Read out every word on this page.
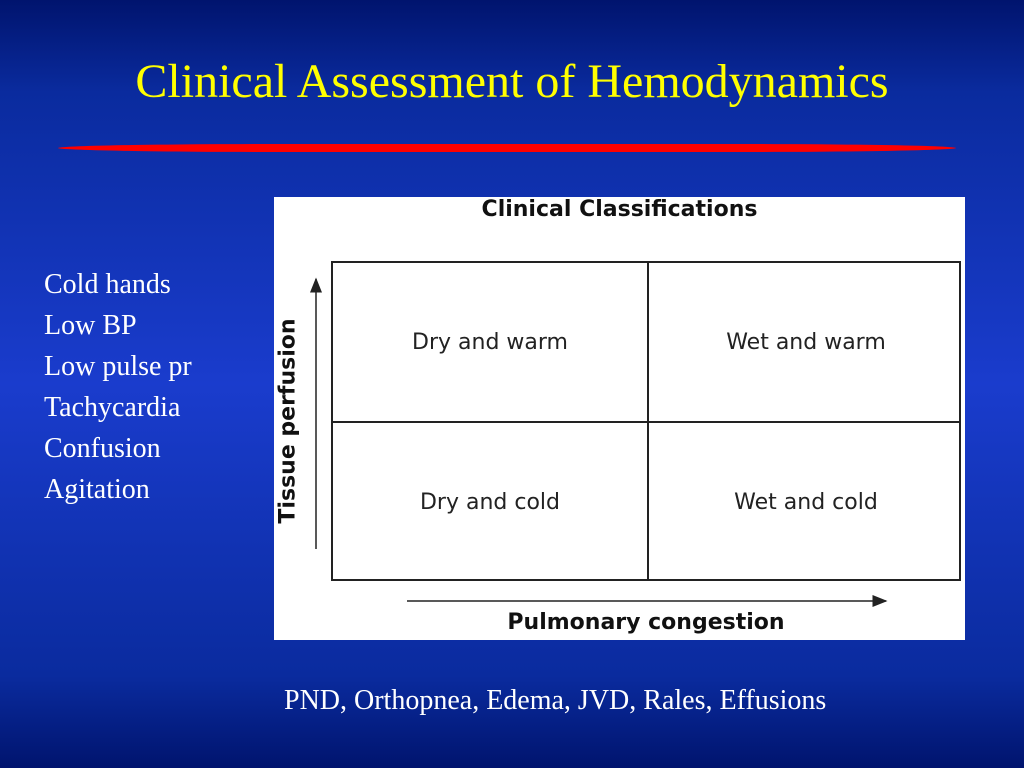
Clinical Assessment of Hemodynamics
Cold hands
Low BP
Low pulse pr
Tachycardia
Confusion
Agitation
Clinical Classifications
Tissue perfusion	Dry and warm	Wet and warm
Dry and cold	Wet and cold
Pulmonary congestion
PND, Orthopnea, Edema, JVD, Rales, Effusions
